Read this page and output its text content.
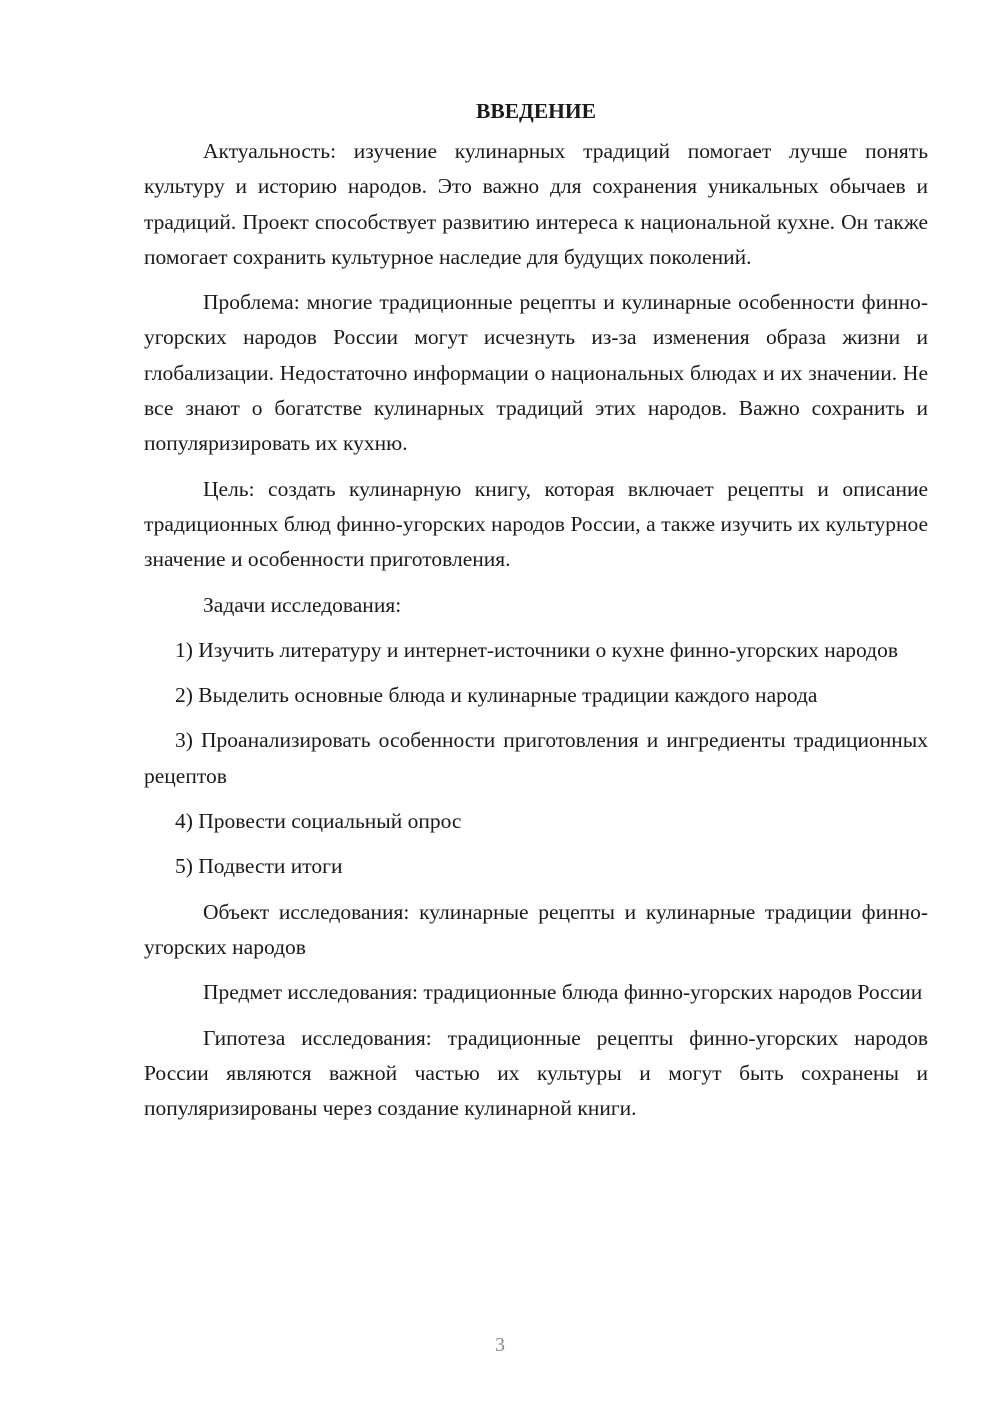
ВВЕДЕНИЕ
Актуальность: изучение кулинарных традиций помогает лучше понять культуру и историю народов. Это важно для сохранения уникальных обычаев и традиций. Проект способствует развитию интереса к национальной кухне. Он также помогает сохранить культурное наследие для будущих поколений.
Проблема: многие традиционные рецепты и кулинарные особенности финно-угорских народов России могут исчезнуть из-за изменения образа жизни и глобализации. Недостаточно информации о национальных блюдах и их значении. Не все знают о богатстве кулинарных традиций этих народов. Важно сохранить и популяризировать их кухню.
Цель: создать кулинарную книгу, которая включает рецепты и описание традиционных блюд финно-угорских народов России, а также изучить их культурное значение и особенности приготовления.
Задачи исследования:
1) Изучить литературу и интернет-источники о кухне финно-угорских народов
2) Выделить основные блюда и кулинарные традиции каждого народа
3) Проанализировать особенности приготовления и ингредиенты традиционных рецептов
4) Провести социальный опрос
5) Подвести итоги
Объект исследования: кулинарные рецепты и кулинарные традиции финно-угорских народов
Предмет исследования: традиционные блюда финно-угорских народов России
Гипотеза исследования: традиционные рецепты финно-угорских народов России являются важной частью их культуры и могут быть сохранены и популяризированы через создание кулинарной книги.
3
